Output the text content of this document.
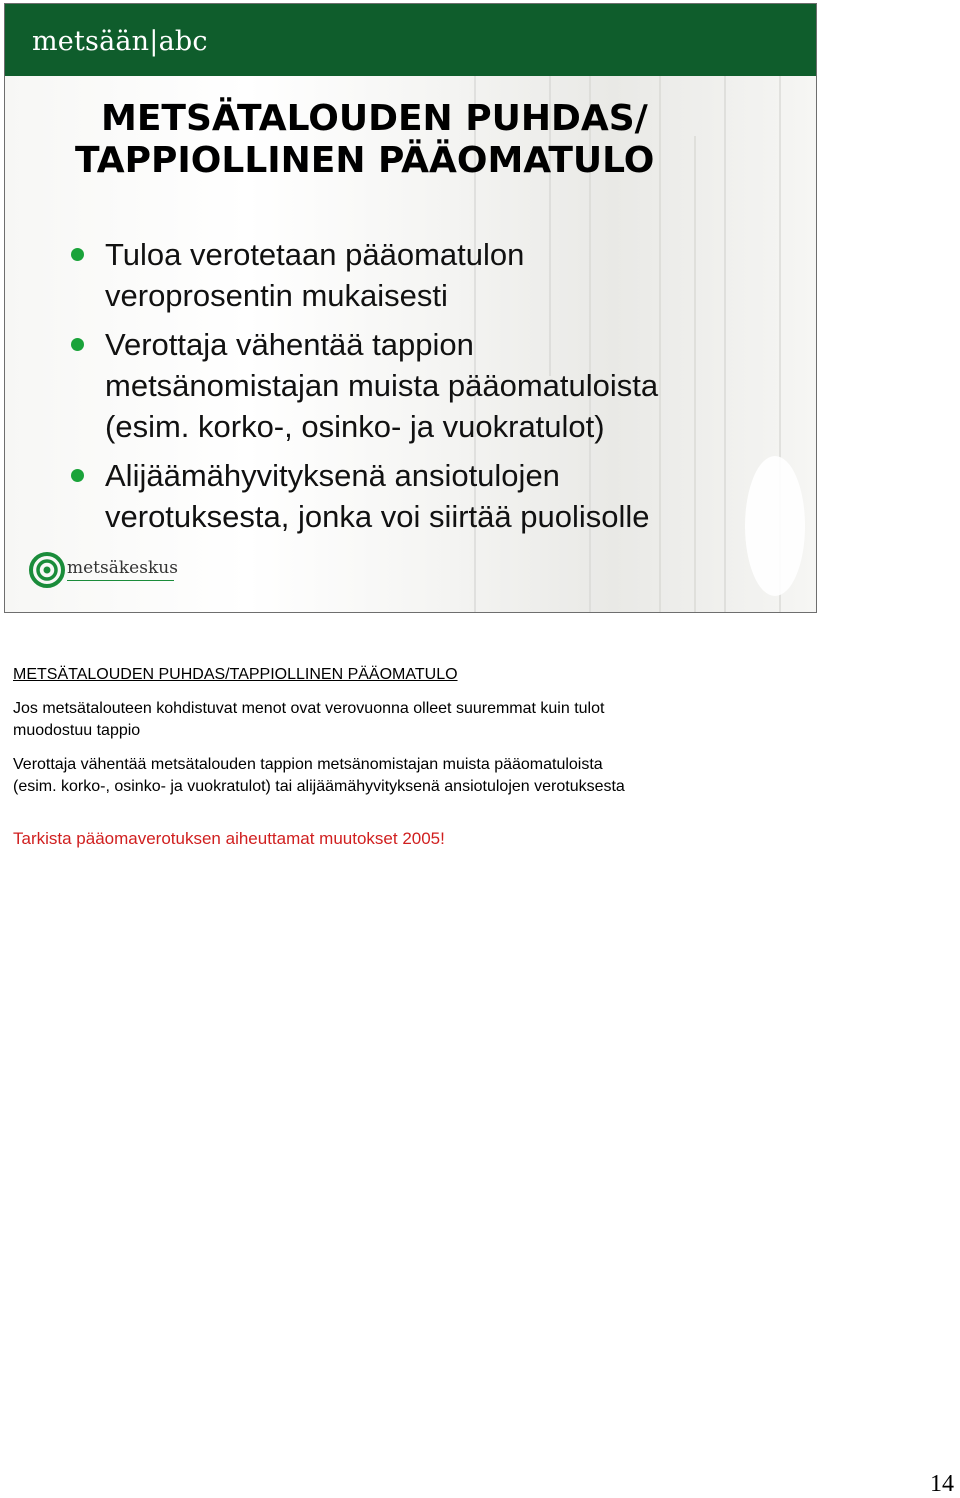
metsään|abc
METSÄTALOUDEN PUHDAS/
TAPPIOLLINEN PÄÄOMATULO
Tuloa verotetaan pääomatulon
veroprosentin mukaisesti
Verottaja vähentää tappion
metsänomistajan muista pääomatuloista
(esim. korko-, osinko- ja vuokratulot)
Alijäämähyvityksenä ansiotulojen
verotuksesta, jonka voi siirtää puolisolle
metsäkeskus

METSÄTALOUDEN PUHDAS/TAPPIOLLINEN PÄÄOMATULO

Jos metsätalouteen kohdistuvat menot ovat verovuonna olleet suuremmat kuin tulot

muodostuu tappio

Verottaja vähentää metsätalouden tappion metsänomistajan muista pääomatuloista

(esim. korko-, osinko- ja vuokratulot) tai alijäämähyvityksenä ansiotulojen verotuksesta

Tarkista pääomaverotuksen aiheuttamat muutokset 2005!

14
